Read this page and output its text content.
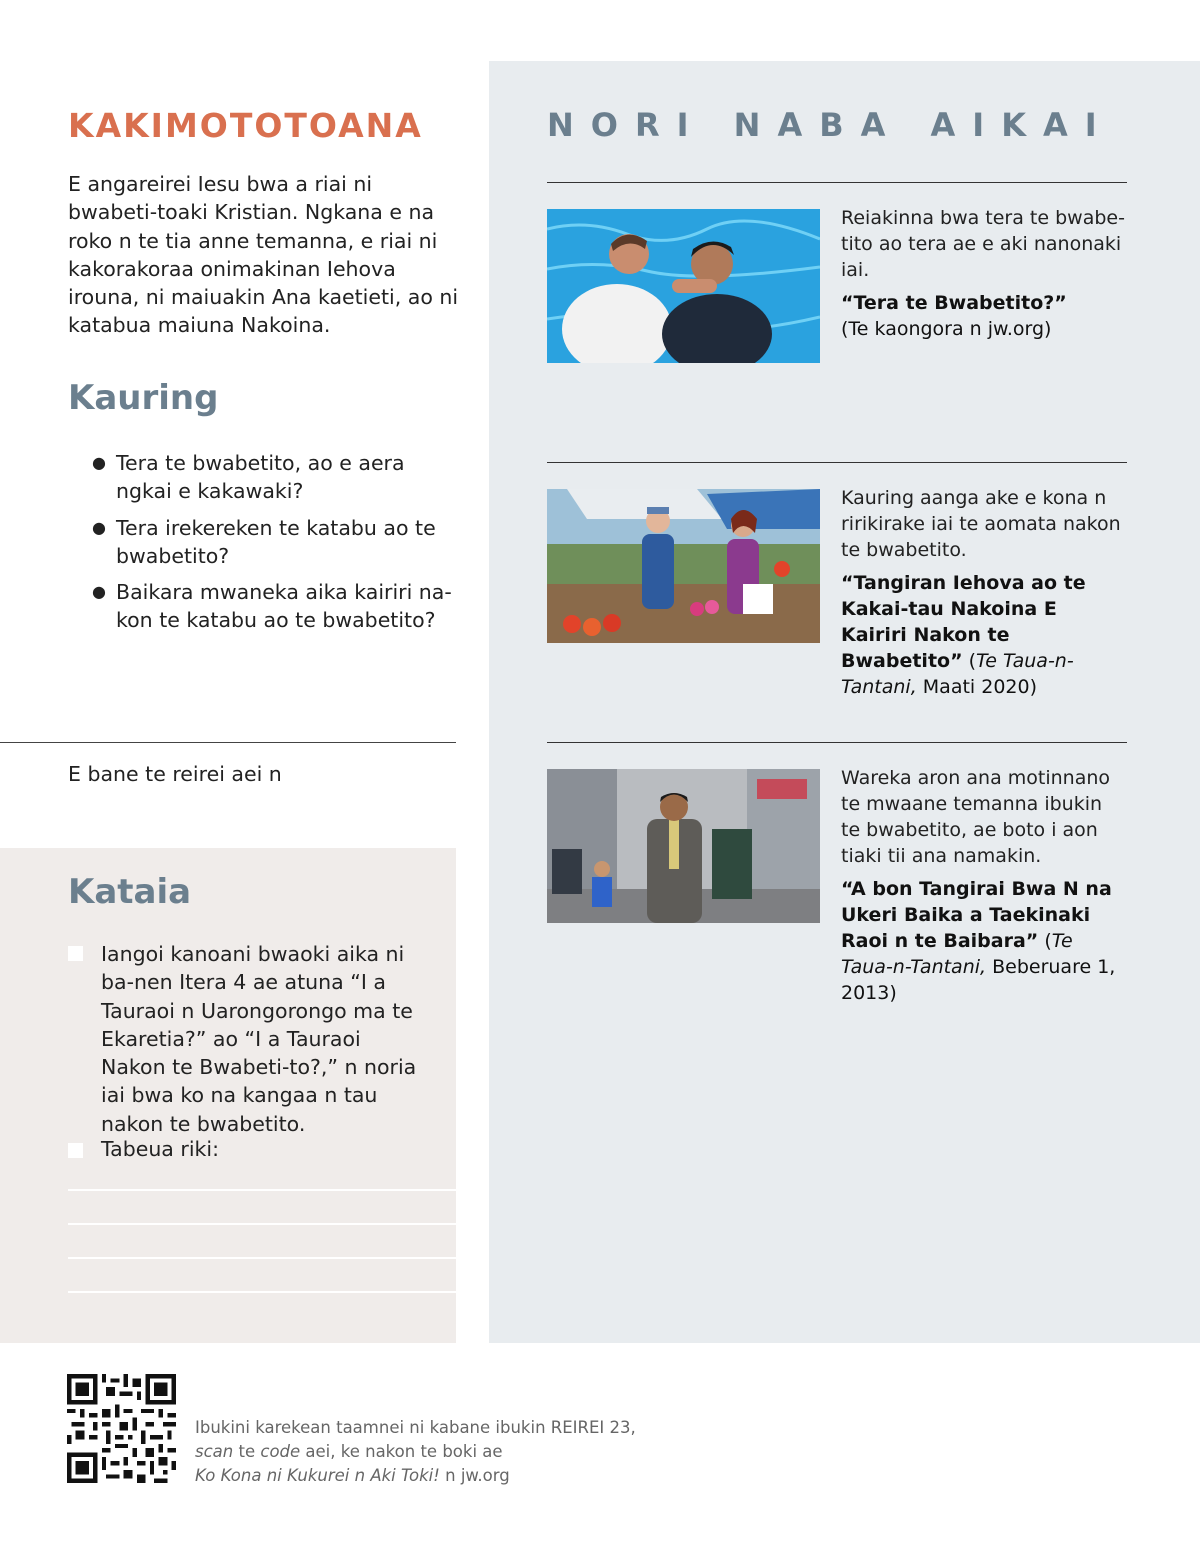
KAKIMOTOTOANA

E angareirei Iesu bwa a riai ni bwabeti-toaki Kristian. Ngkana e na roko n te tia anne temanna, e riai ni kakorakoraa onimakinan Iehova irouna, ni maiuakin Ana kaetieti, ao ni katabua maiuna Nakoina.

Kauring
● Tera te bwabetito, ao e aera ngkai e kakawaki?
● Tera irekereken te katabu ao te bwabetito?
● Baikara mwaneka aika kairiri na-kon te katabu ao te bwabetito?

E bane te reirei aei n

Kataia

Iangoi kanoani bwaoki aika ni ba-nen Itera 4 ae atuna “I a Tauraoi n Uarongorongo ma te Ekaretia?” ao “I a Tauraoi Nakon te Bwabeti-to?,” n noria iai bwa ko na kangaa n tau nakon te bwabetito.

Tabeua riki:

NORI NABA AIKAI

Reiakinna bwa tera te bwabe-tito ao tera ae e aki nanonaki iai.

“Tera te Bwabetito?”
(Te kaongora n jw.org)

Kauring aanga ake e kona n ririkirake iai te aomata nakon te bwabetito.

“Tangiran Iehova ao te Kakai-tau Nakoina E Kairiri Nakon te Bwabetito” (Te Taua-n-Tantani, Maati 2020)

Wareka aron ana motinnano te mwaane temanna ibukin te bwabetito, ae boto i aon tiaki tii ana namakin.

“A bon Tangirai Bwa N na Ukeri Baika a Taekinaki Raoi n te Baibara” (Te Taua-n-Tantani, Beberuare 1, 2013)

Ibukini karekean taamnei ni kabane ibukin REIREI 23,
scan te code aei, ke nakon te boki ae
Ko Kona ni Kukurei n Aki Toki! n jw.org
